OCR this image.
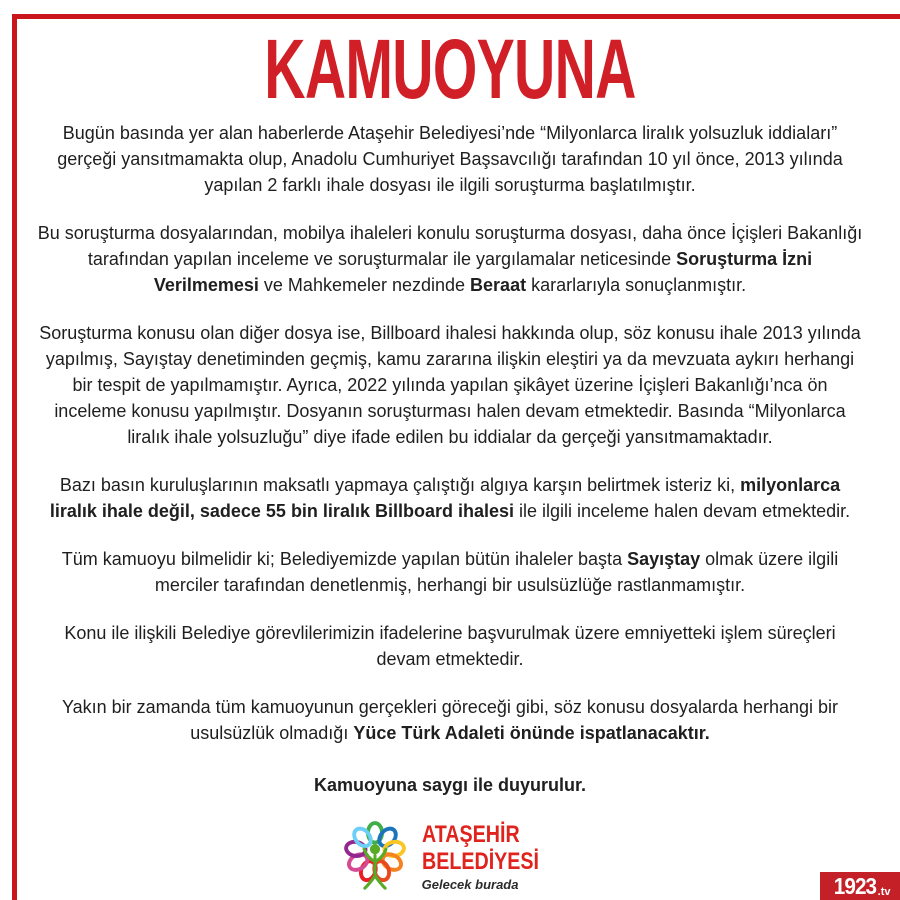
KAMUOYUNA

Bugün basında yer alan haberlerde Ataşehir Belediyesi’nde “Milyonlarca liralık yolsuzluk iddiaları” gerçeği yansıtmamakta olup, Anadolu Cumhuriyet Başsavcılığı tarafından 10 yıl önce, 2013 yılında yapılan 2 farklı ihale dosyası ile ilgili soruşturma başlatılmıştır.

Bu soruşturma dosyalarından, mobilya ihaleleri konulu soruşturma dosyası, daha önce İçişleri Bakanlığı tarafından yapılan inceleme ve soruşturmalar ile yargılamalar neticesinde Soruşturma İzni Verilmemesi ve Mahkemeler nezdinde Beraat kararlarıyla sonuçlanmıştır.

Soruşturma konusu olan diğer dosya ise, Billboard ihalesi hakkında olup, söz konusu ihale 2013 yılında yapılmış, Sayıştay denetiminden geçmiş, kamu zararına ilişkin eleştiri ya da mevzuata aykırı herhangi bir tespit de yapılmamıştır. Ayrıca, 2022 yılında yapılan şikâyet üzerine İçişleri Bakanlığı’nca ön inceleme konusu yapılmıştır. Dosyanın soruşturması halen devam etmektedir. Basında “Milyonlarca liralık ihale yolsuzluğu” diye ifade edilen bu iddialar da gerçeği yansıtmamaktadır.

Bazı basın kuruluşlarının maksatlı yapmaya çalıştığı algıya karşın belirtmek isteriz ki, milyonlarca liralık ihale değil, sadece 55 bin liralık Billboard ihalesi ile ilgili inceleme halen devam etmektedir.

Tüm kamuoyu bilmelidir ki; Belediyemizde yapılan bütün ihaleler başta Sayıştay olmak üzere ilgili merciler tarafından denetlenmiş, herhangi bir usulsüzlüğe rastlanmamıştır.

Konu ile ilişkili Belediye görevlilerimizin ifadelerine başvurulmak üzere emniyetteki işlem süreçleri devam etmektedir.

Yakın bir zamanda tüm kamuoyunun gerçekleri göreceği gibi, söz konusu dosyalarda herhangi bir usulsüzlük olmadığı Yüce Türk Adaleti önünde ispatlanacaktır.

Kamuoyuna saygı ile duyurulur.

ATAŞEHİR
BELEDİYESİ
Gelecek burada	1923 .tv
